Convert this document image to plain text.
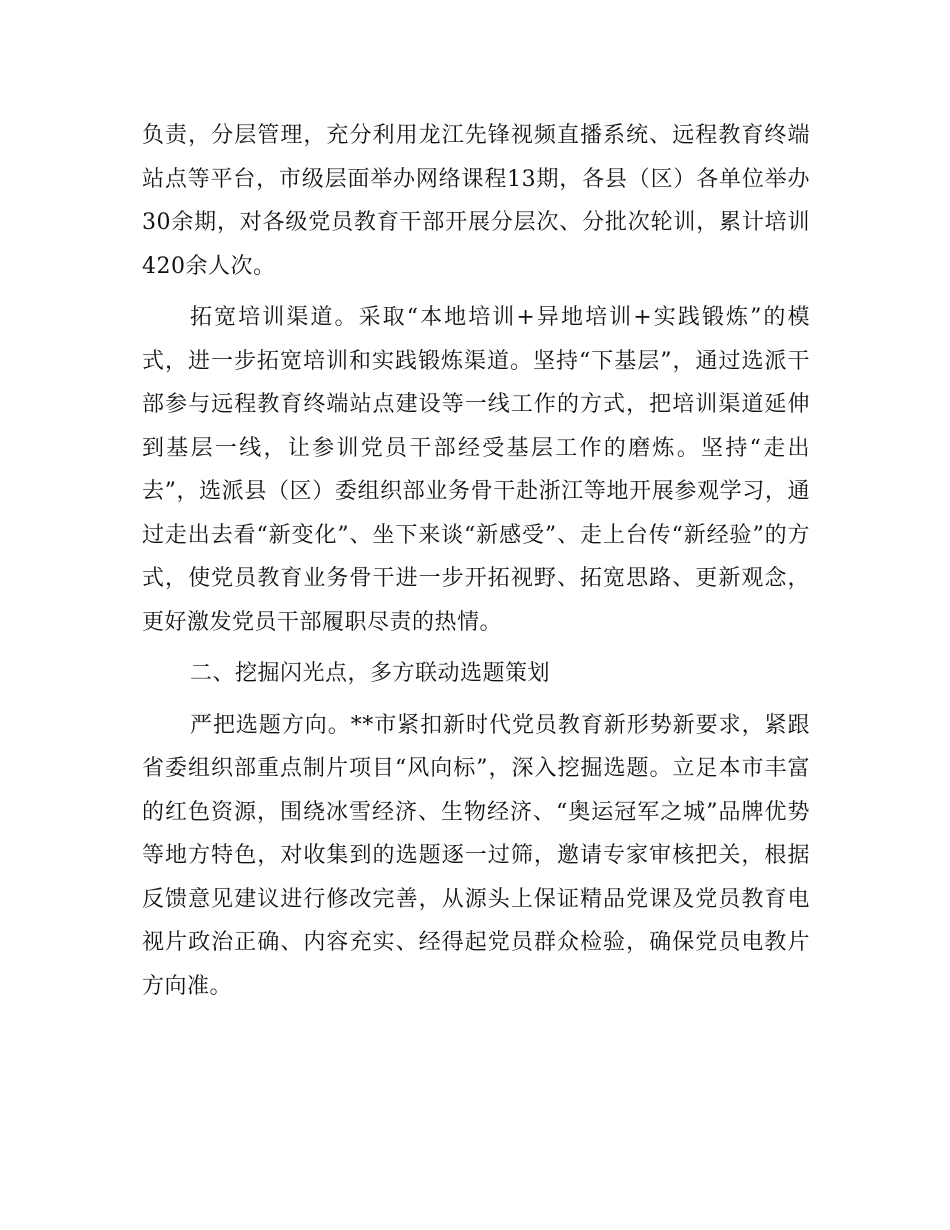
负责，分层管理，充分利用龙江先锋视频直播系统、远程教育终端站点等平台，市级层面举办网络课程13期，各县（区）各单位举办30余期，对各级党员教育干部开展分层次、分批次轮训，累计培训420余人次。

拓宽培训渠道。采取“本地培训+异地培训+实践锻炼”的模式，进一步拓宽培训和实践锻炼渠道。坚持“下基层”，通过选派干部参与远程教育终端站点建设等一线工作的方式，把培训渠道延伸到基层一线，让参训党员干部经受基层工作的磨炼。坚持“走出去”，选派县（区）委组织部业务骨干赴浙江等地开展参观学习，通过走出去看“新变化”、坐下来谈“新感受”、走上台传“新经验”的方式，使党员教育业务骨干进一步开拓视野、拓宽思路、更新观念，更好激发党员干部履职尽责的热情。

二、挖掘闪光点，多方联动选题策划

严把选题方向。**市紧扣新时代党员教育新形势新要求，紧跟省委组织部重点制片项目“风向标”，深入挖掘选题。立足本市丰富的红色资源，围绕冰雪经济、生物经济、“奥运冠军之城”品牌优势等地方特色，对收集到的选题逐一过筛，邀请专家审核把关，根据反馈意见建议进行修改完善，从源头上保证精品党课及党员教育电视片政治正确、内容充实、经得起党员群众检验，确保党员电教片方向准。
